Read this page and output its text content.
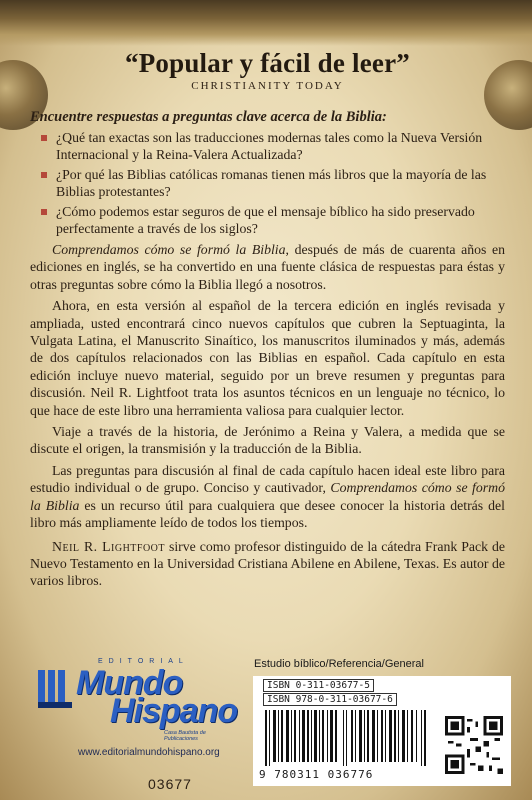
“Popular y fácil de leer”
CHRISTIANITY TODAY
Encuentre respuestas a preguntas clave acerca de la Biblia:
¿Qué tan exactas son las traducciones modernas tales como la Nueva Versión Internacional y la Reina-Valera Actualizada?
¿Por qué las Biblias católicas romanas tienen más libros que la mayoría de las Biblias protestantes?
¿Cómo podemos estar seguros de que el mensaje bíblico ha sido preservado perfectamente a través de los siglos?

Comprendamos cómo se formó la Biblia, después de más de cuarenta años en ediciones en inglés, se ha convertido en una fuente clásica de respuestas para éstas y otras preguntas sobre cómo la Biblia llegó a nosotros.

Ahora, en esta versión al español de la tercera edición en inglés revisada y ampliada, usted encontrará cinco nuevos capítulos que cubren la Septuaginta, la Vulgata Latina, el Manuscrito Sinaítico, los manuscritos iluminados y más, además de dos capítulos relacionados con las Biblias en español. Cada capítulo en esta edición incluye nuevo material, seguido por un breve resumen y preguntas para discusión. Neil R. Lightfoot trata los asuntos técnicos en un lenguaje no técnico, lo que hace de este libro una herramienta valiosa para cualquier lector.

Viaje a través de la historia, de Jerónimo a Reina y Valera, a medida que se discute el origen, la transmisión y la traducción de la Biblia.

Las preguntas para discusión al final de cada capítulo hacen ideal este libro para estudio individual o de grupo. Conciso y cautivador, Comprendamos cómo se formó la Biblia es un recurso útil para cualquiera que desee conocer la historia detrás del libro más ampliamente leído de todos los tiempos.

Neil R. Lightfoot sirve como profesor distinguido de la cátedra Frank Pack de Nuevo Testamento en la Universidad Cristiana Abilene en Abilene, Texas. Es autor de varios libros.

EDITORIAL
Mundo
Hispano
Casa Bautista de Publicaciones
www.editorialmundohispano.org
03677
Estudio bíblico/Referencia/General
ISBN 0-311-03677-5
ISBN 978-0-311-03677-6
9 780311 036776
